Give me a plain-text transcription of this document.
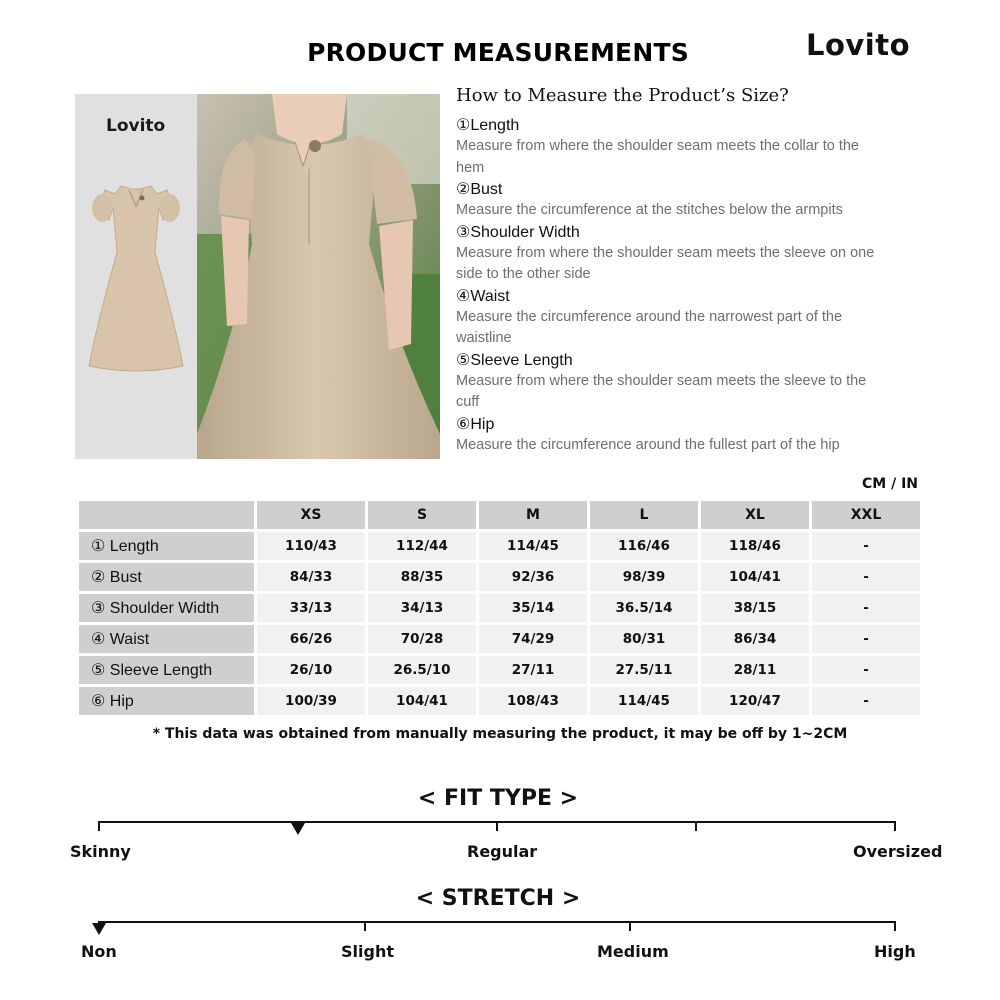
PRODUCT MEASUREMENTS	Lovito
Lovito
How to Measure the Product’s Size?
①Length
Measure from where the shoulder seam meets the collar to the hem
②Bust
Measure the circumference at the stitches below the armpits
③Shoulder Width
Measure from where the shoulder seam meets the sleeve on one side to the other side
④Waist
Measure the circumference around the narrowest part of the waistline
⑤Sleeve Length
Measure from where the shoulder seam meets the sleeve to the cuff
⑥Hip
Measure the circumference around the fullest part of the hip
CM / IN
	XS	S	M	L	XL	XXL
① Length	110/43	112/44	114/45	116/46	118/46	-
② Bust	84/33	88/35	92/36	98/39	104/41	-
③ Shoulder Width	33/13	34/13	35/14	36.5/14	38/15	-
④ Waist	66/26	70/28	74/29	80/31	86/34	-
⑤ Sleeve Length	26/10	26.5/10	27/11	27.5/11	28/11	-
⑥ Hip	100/39	104/41	108/43	114/45	120/47	-
* This data was obtained from manually measuring the product, it may be off by 1~2CM
< FIT TYPE >
Skinny	Regular	Oversized
< STRETCH >
Non	Slight	Medium	High
